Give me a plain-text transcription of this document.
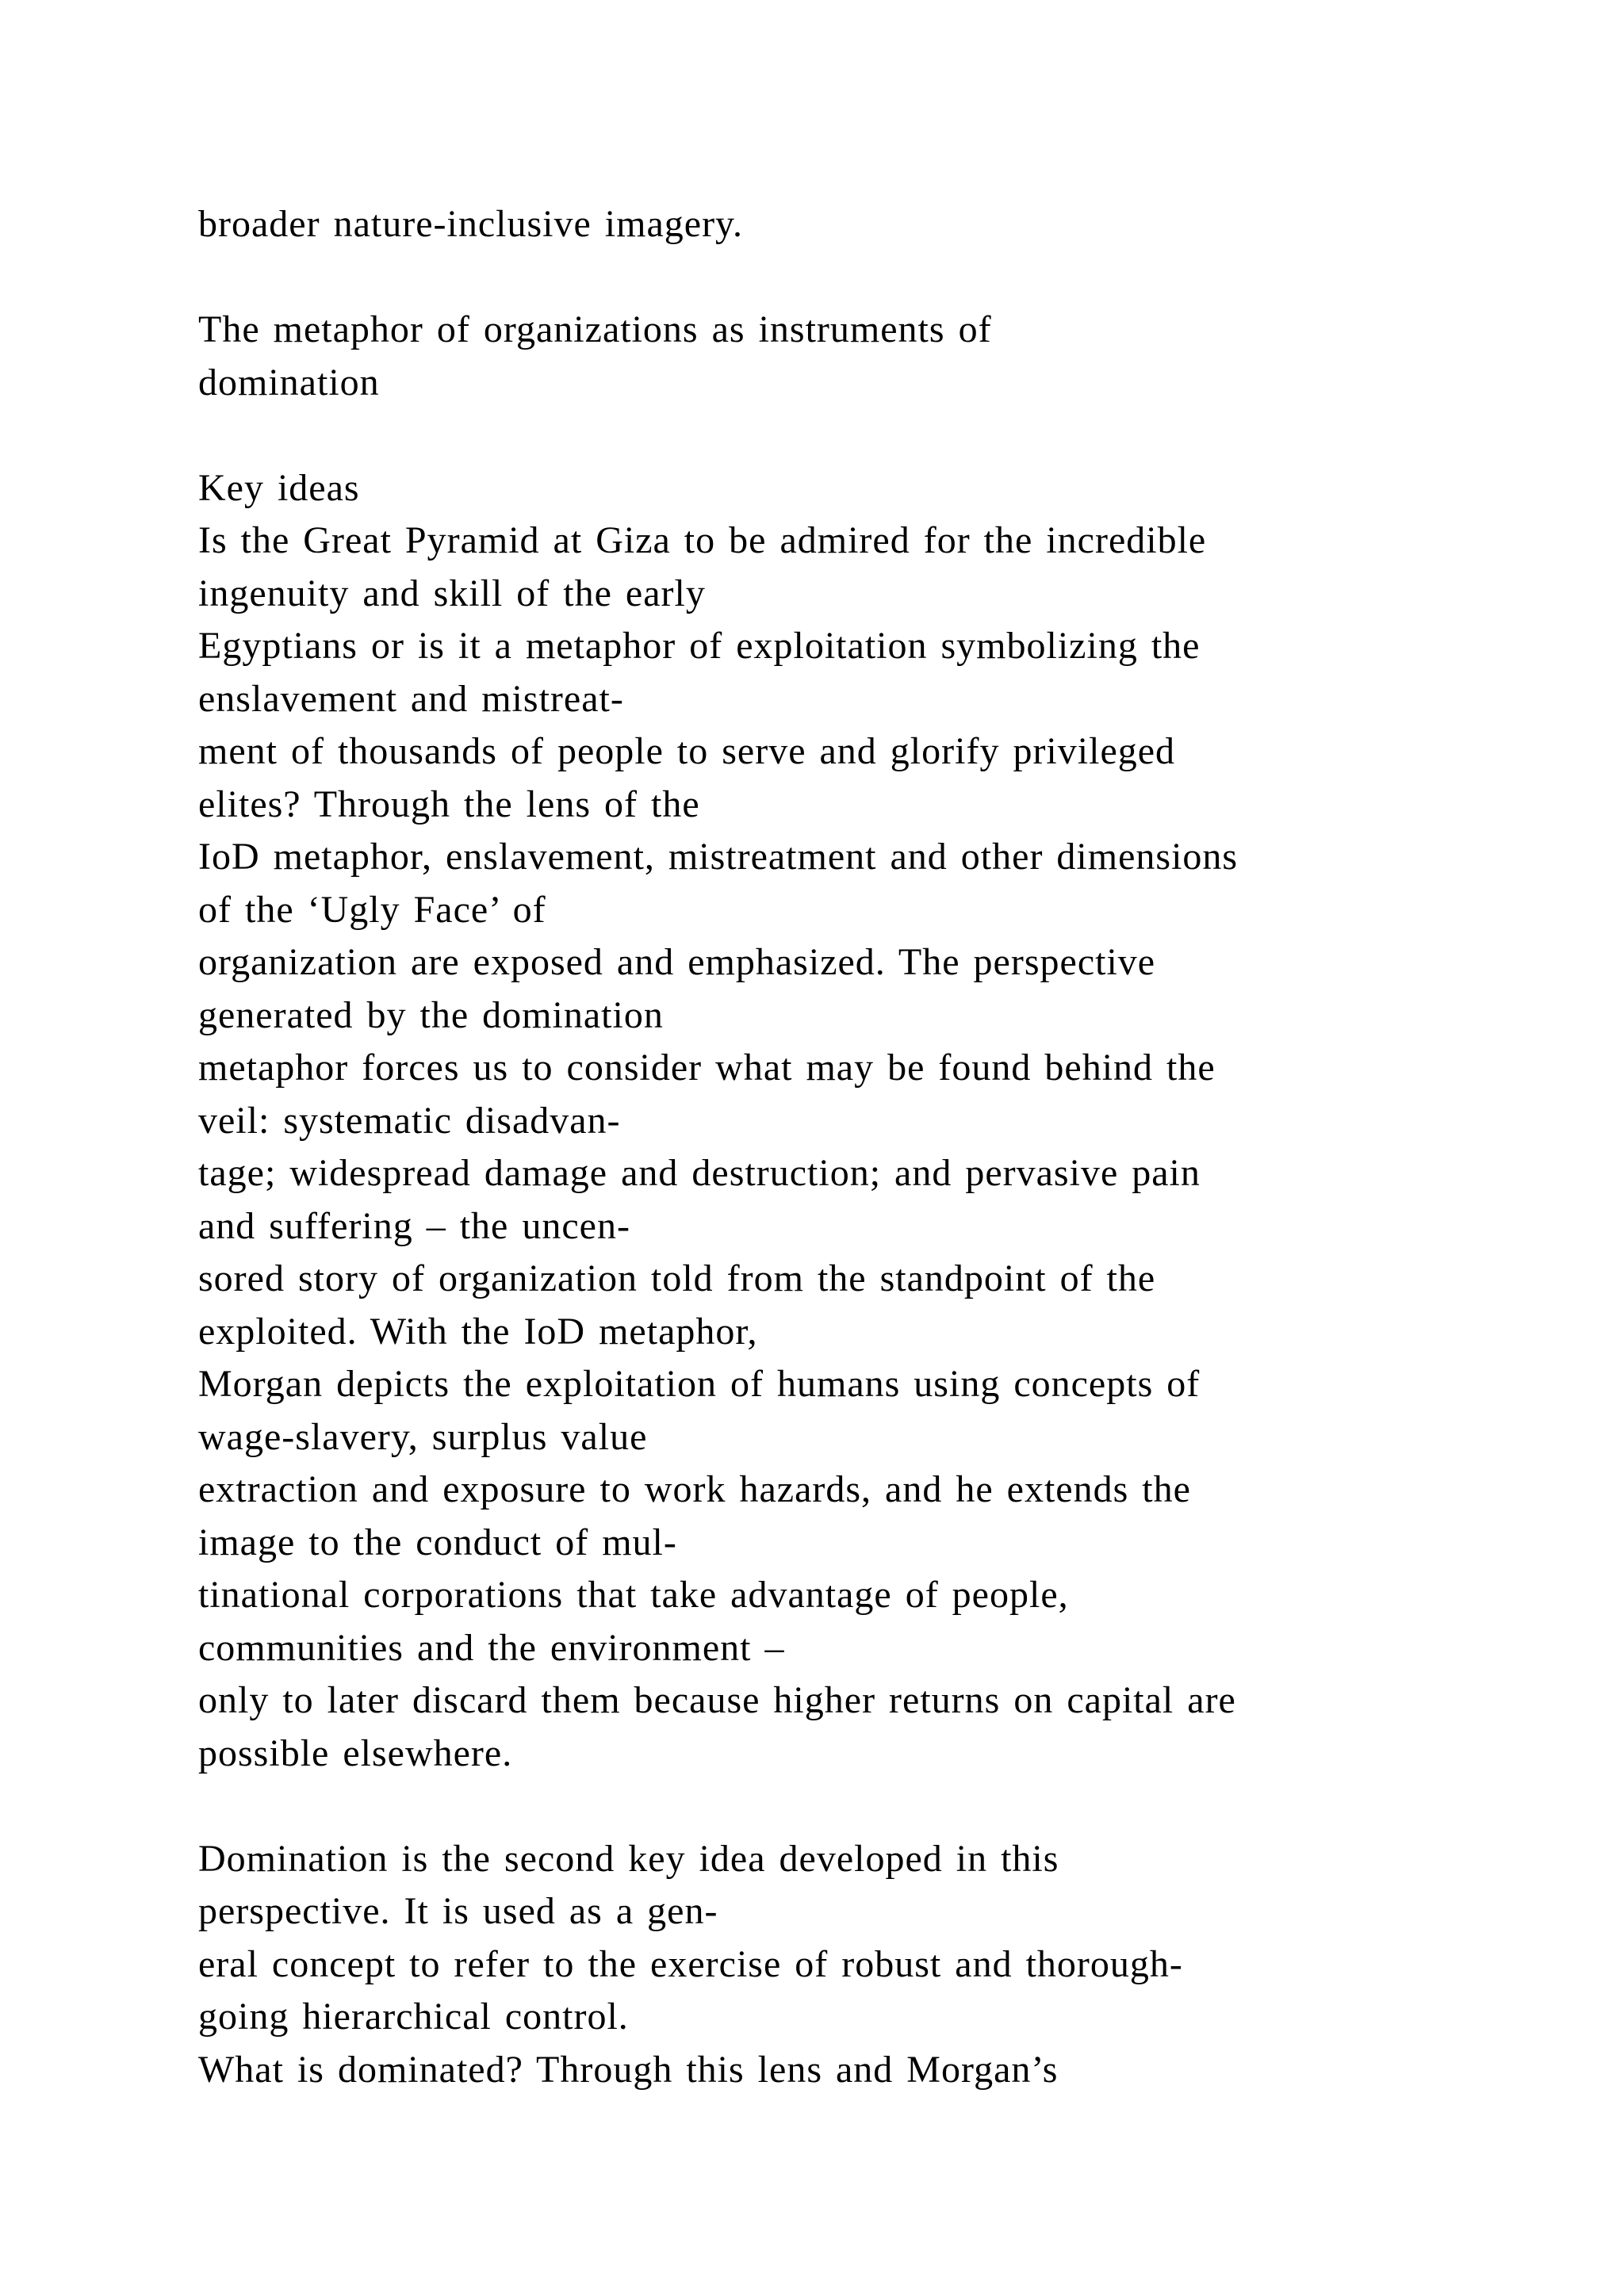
broader nature-inclusive imagery.
The metaphor of organizations as instruments of
domination
Key ideas
Is the Great Pyramid at Giza to be admired for the incredible
ingenuity and skill of the early
Egyptians or is it a metaphor of exploitation symbolizing the
enslavement and mistreat-
ment of thousands of people to serve and glorify privileged
elites? Through the lens of the
IoD metaphor, enslavement, mistreatment and other dimensions
of the ‘Ugly Face’ of
organization are exposed and emphasized. The perspective
generated by the domination
metaphor forces us to consider what may be found behind the
veil: systematic disadvan-
tage; widespread damage and destruction; and pervasive pain
and suffering – the uncen-
sored story of organization told from the standpoint of the
exploited. With the IoD metaphor,
Morgan depicts the exploitation of humans using concepts of
wage-slavery, surplus value
extraction and exposure to work hazards, and he extends the
image to the conduct of mul-
tinational corporations that take advantage of people,
communities and the environment –
only to later discard them because higher returns on capital are
possible elsewhere.
Domination is the second key idea developed in this
perspective. It is used as a gen-
eral concept to refer to the exercise of robust and thorough-
going hierarchical control.
What is dominated? Through this lens and Morgan’s
